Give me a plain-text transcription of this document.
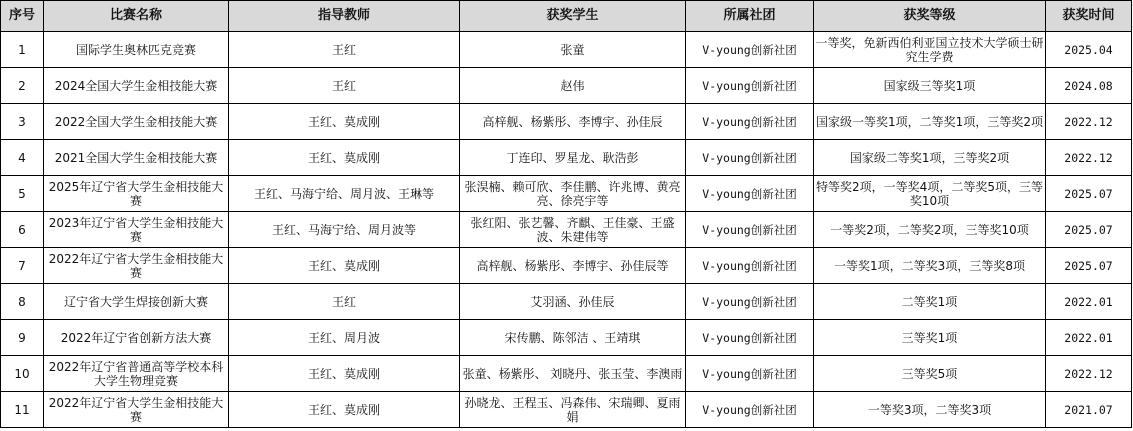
序号	比赛名称	指导教师	获奖学生	所属社团	获奖等级	获奖时间
1	国际学生奥林匹克竞赛	王红	张童	V-young创新社团	一等奖，免新西伯利亚国立技术大学硕士研究生学费	2025.04
2	2024全国大学生金相技能大赛	王红	赵伟	V-young创新社团	国家级三等奖1项	2024.08
3	2022全国大学生金相技能大赛	王红、莫成刚	高梓舰、杨紫彤、李博宇、孙佳辰	V-young创新社团	国家级一等奖1项，二等奖1项，三等奖2项	2022.12
4	2021全国大学生金相技能大赛	王红、莫成刚	丁连印、罗星龙、耿浩彭	V-young创新社团	国家级二等奖1项，三等奖2项	2022.12
5	2025年辽宁省大学生金相技能大赛	王红、马海宁给、周月波、王琳等	张淏楠、赖可欣、李佳鹏、许兆博、黄亮亮、徐亮宇等	V-young创新社团	特等奖2项，一等奖4项，二等奖5项，三等奖10项	2025.07
6	2023年辽宁省大学生金相技能大赛	王红、马海宁给、周月波等	张红阳、张艺馨、齐麒、王佳豪、王盛波、朱建伟等	V-young创新社团	一等奖2项，二等奖2项，三等奖10项	2025.07
7	2022年辽宁省大学生金相技能大赛	王红、莫成刚	高梓舰、杨紫彤、李博宇、孙佳辰等	V-young创新社团	一等奖1项，二等奖3项，三等奖8项	2025.07
8	辽宁省大学生焊接创新大赛	王红	艾羽涵、孙佳辰	V-young创新社团	二等奖1项	2022.01
9	2022年辽宁省创新方法大赛	王红、周月波	宋传鹏、陈邻洁 、王靖琪	V-young创新社团	三等奖1项	2022.01
10	2022年辽宁省普通高等学校本科大学生物理竞赛	王红、莫成刚	张童、杨紫彤、 刘晓丹、张玉莹、李澳雨	V-young创新社团	三等奖5项	2022.12
11	2022年辽宁省大学生金相技能大赛	王红、莫成刚	孙晓龙、王程玉、冯森伟、宋瑞卿、夏雨娟	V-young创新社团	一等奖3项，二等奖3项	2021.07
